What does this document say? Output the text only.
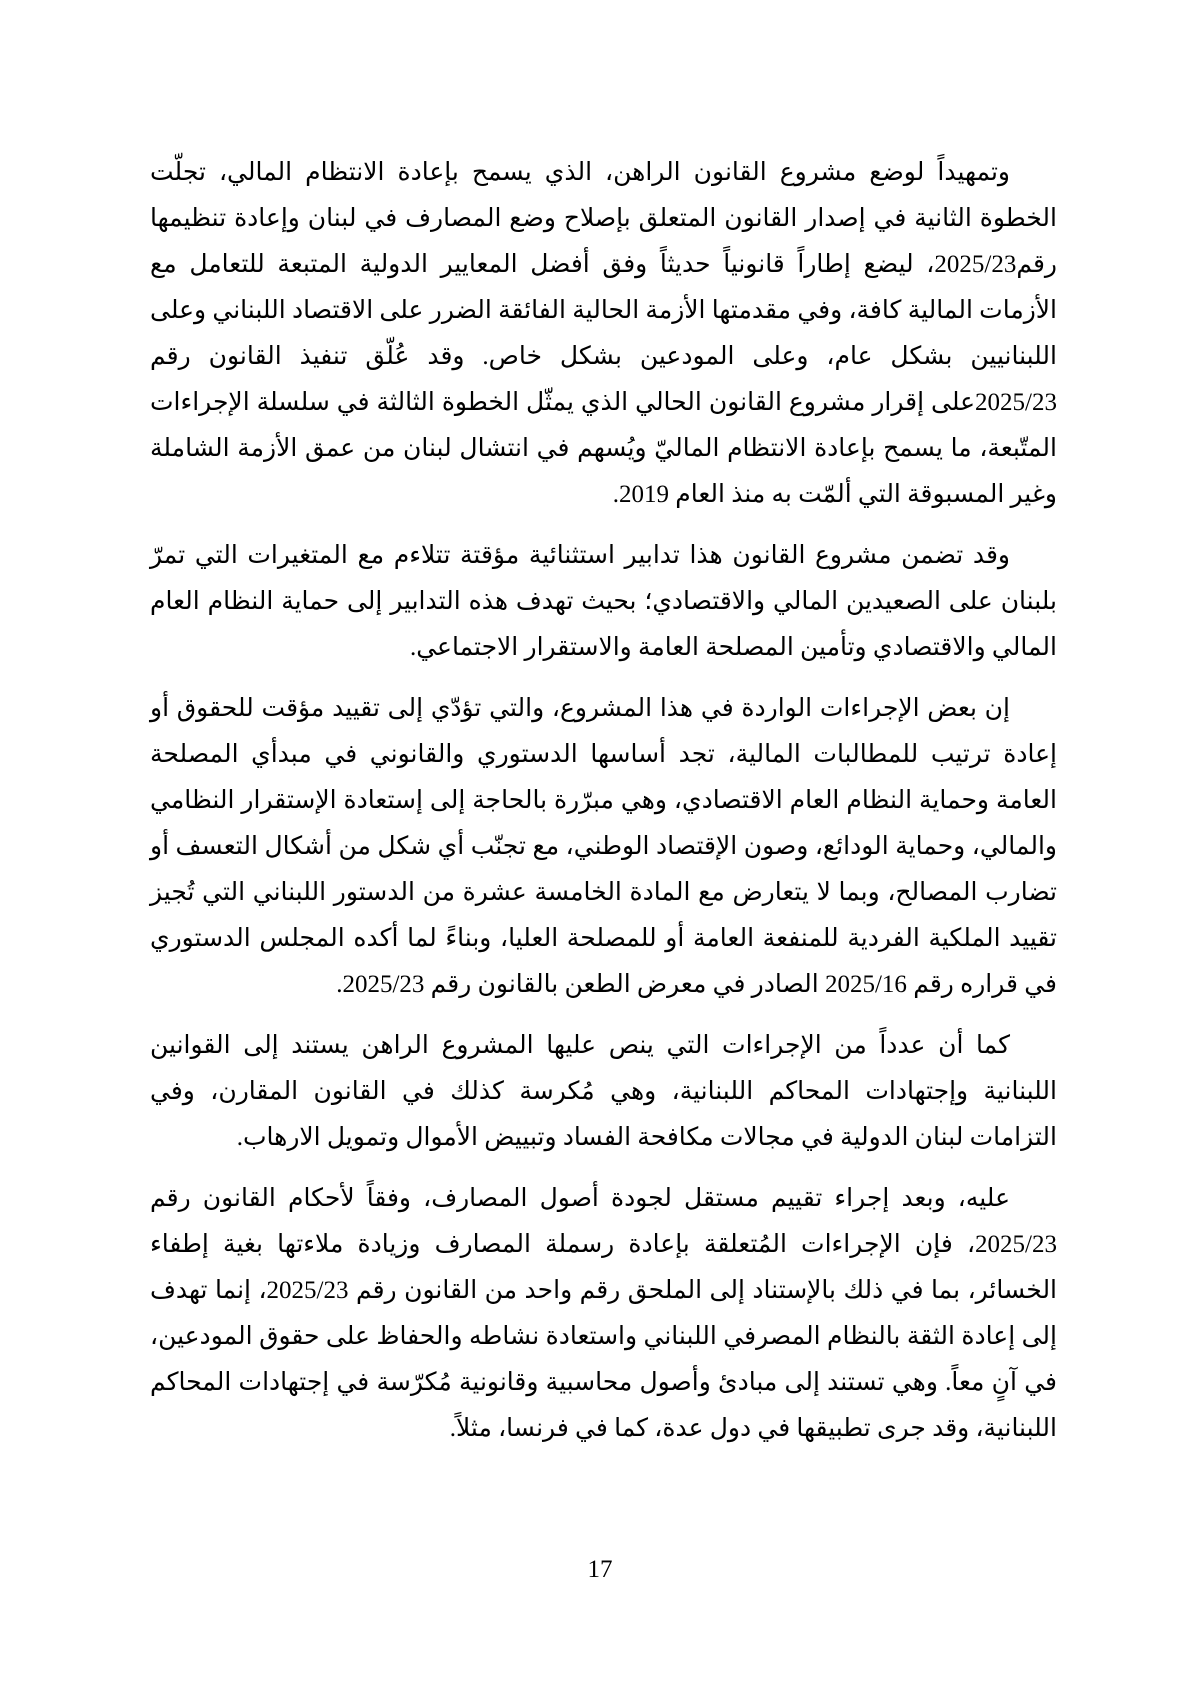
وتمهيداً لوضع مشروع القانون الراهن، الذي يسمح بإعادة الانتظام المالي، تجلّت الخطوة الثانية في إصدار القانون المتعلق بإصلاح وضع المصارف في لبنان وإعادة تنظيمها رقم2025/23، ليضع إطاراً قانونياً حديثاً وفق أفضل المعايير الدولية المتبعة للتعامل مع الأزمات المالية كافة، وفي مقدمتها الأزمة الحالية الفائقة الضرر على الاقتصاد اللبناني وعلى اللبنانيين بشكل عام، وعلى المودعين بشكل خاص. وقد عُلّق تنفيذ القانون رقم 2025/23على إقرار مشروع القانون الحالي الذي يمثّل الخطوة الثالثة في سلسلة الإجراءات المتّبعة، ما يسمح بإعادة الانتظام الماليّ ويُسهم في انتشال لبنان من عمق الأزمة الشاملة وغير المسبوقة التي ألمّت به منذ العام 2019.

وقد تضمن مشروع القانون هذا تدابير استثنائية مؤقتة تتلاءم مع المتغيرات التي تمرّ بلبنان على الصعيدين المالي والاقتصادي؛ بحيث تهدف هذه التدابير إلى حماية النظام العام المالي والاقتصادي وتأمين المصلحة العامة والاستقرار الاجتماعي.

إن بعض الإجراءات الواردة في هذا المشروع، والتي تؤدّي إلى تقييد مؤقت للحقوق أو إعادة ترتيب للمطالبات المالية، تجد أساسها الدستوري والقانوني في مبدأي المصلحة العامة وحماية النظام العام الاقتصادي، وهي مبرّرة بالحاجة إلى إستعادة الإستقرار النظامي والمالي، وحماية الودائع، وصون الإقتصاد الوطني، مع تجنّب أي شكل من أشكال التعسف أو تضارب المصالح، وبما لا يتعارض مع المادة الخامسة عشرة من الدستور اللبناني التي تُجيز تقييد الملكية الفردية للمنفعة العامة أو للمصلحة العليا، وبناءً لما أكده المجلس الدستوري في قراره رقم 2025/16 الصادر في معرض الطعن بالقانون رقم 2025/23.

كما أن عدداً من الإجراءات التي ينص عليها المشروع الراهن يستند إلى القوانين اللبنانية وإجتهادات المحاكم اللبنانية، وهي مُكرسة كذلك في القانون المقارن، وفي التزامات لبنان الدولية في مجالات مكافحة الفساد وتبييض الأموال وتمويل الارهاب.

عليه، وبعد إجراء تقييم مستقل لجودة أصول المصارف، وفقاً لأحكام القانون رقم 2025/23، فإن الإجراءات المُتعلقة بإعادة رسملة المصارف وزيادة ملاءتها بغية إطفاء الخسائر، بما في ذلك بالإستناد إلى الملحق رقم واحد من القانون رقم 2025/23، إنما تهدف إلى إعادة الثقة بالنظام المصرفي اللبناني واستعادة نشاطه والحفاظ على حقوق المودعين، في آنٍ معاً. وهي تستند إلى مبادئ وأصول محاسبية وقانونية مُكرّسة في إجتهادات المحاكم اللبنانية، وقد جرى تطبيقها في دول عدة، كما في فرنسا، مثلاً.

17
